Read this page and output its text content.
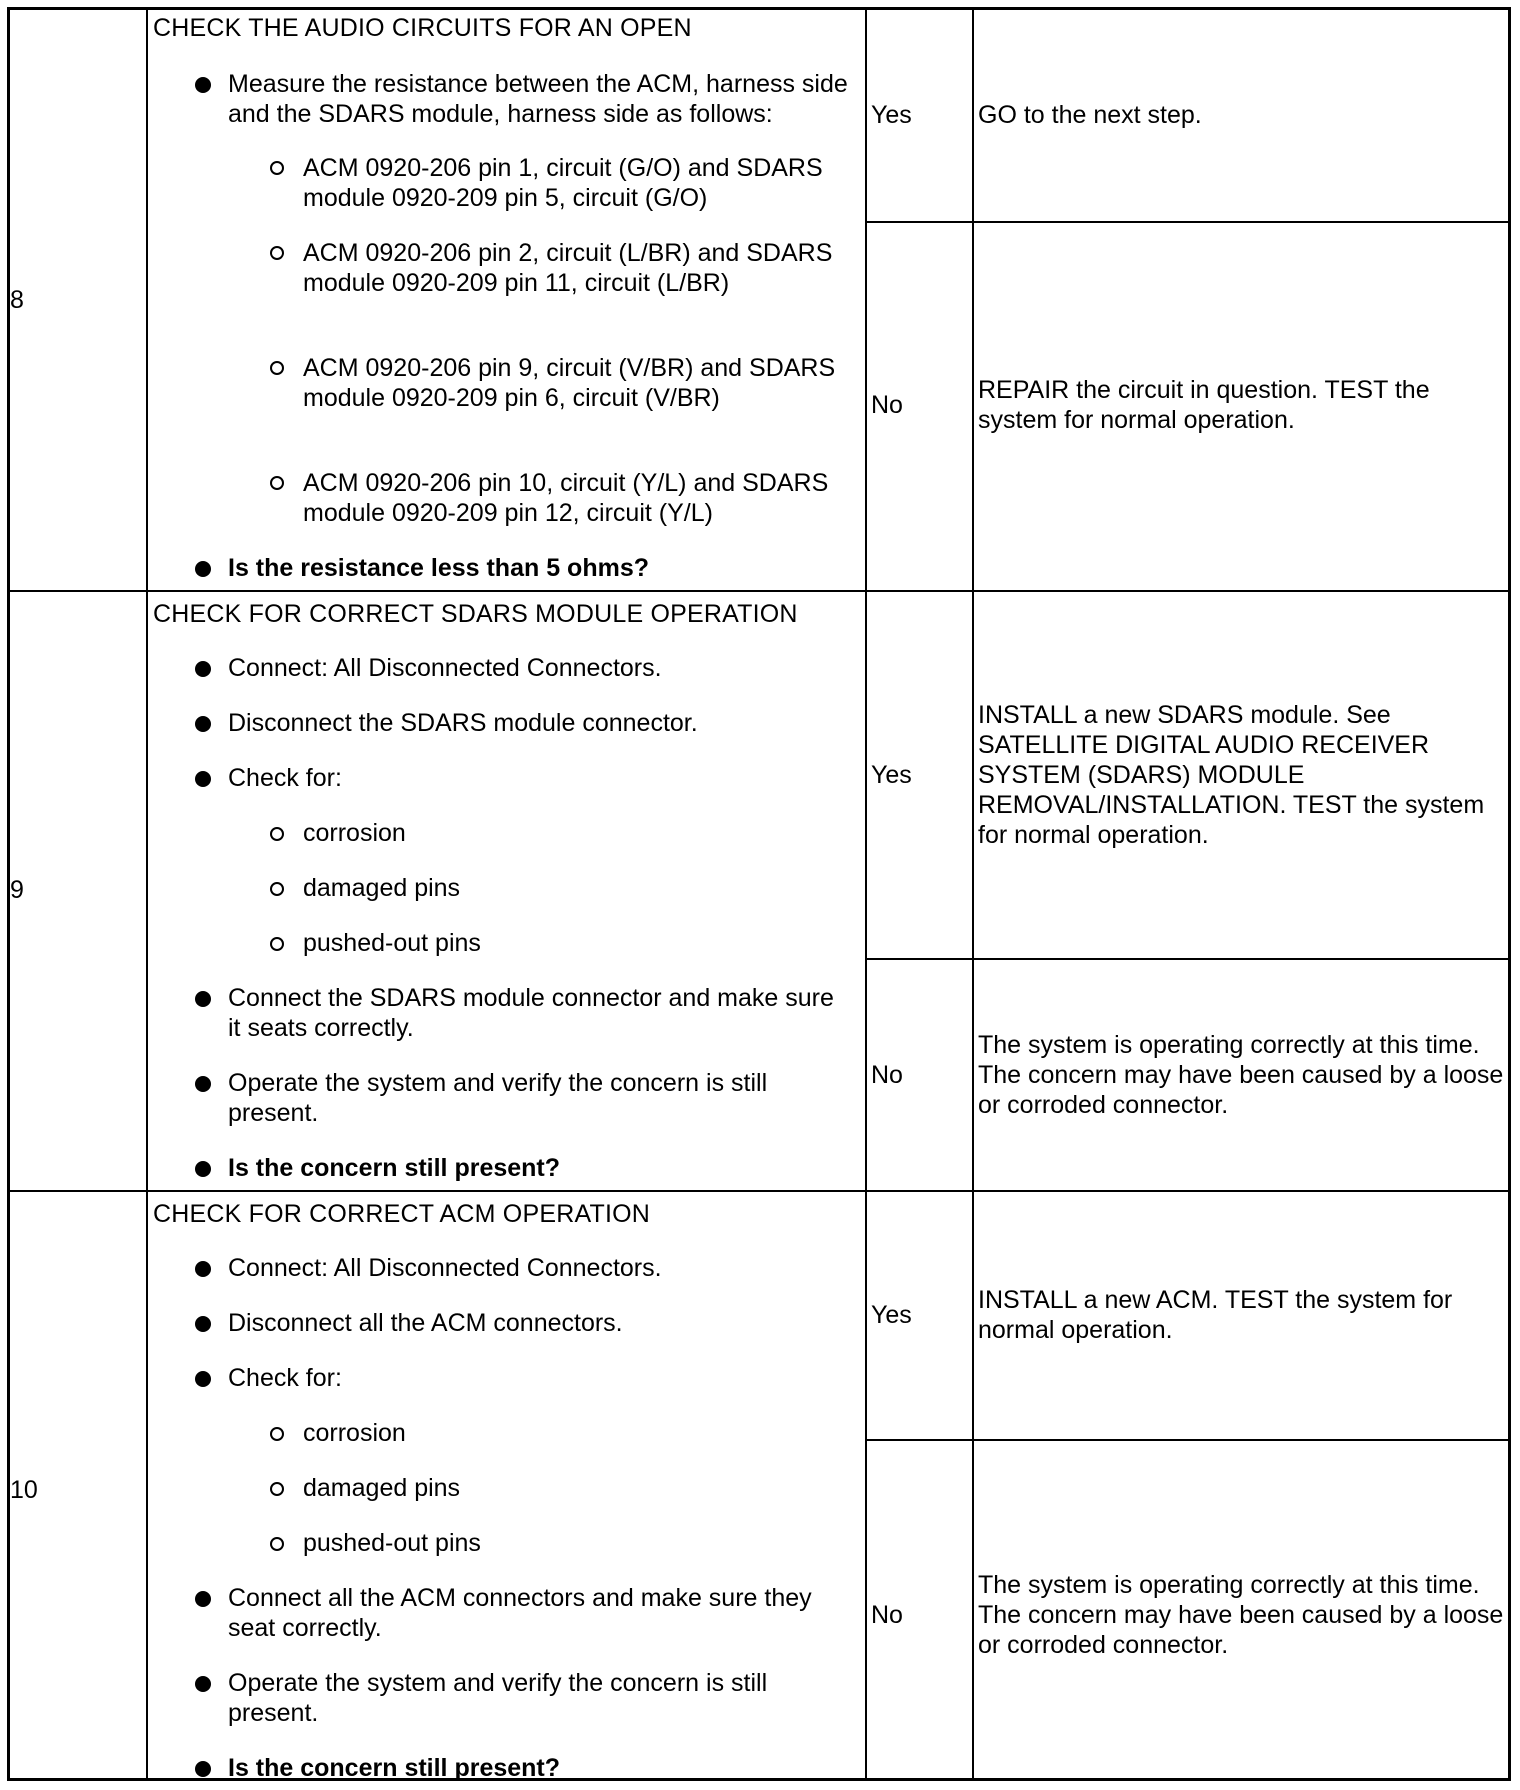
8
CHECK THE AUDIO CIRCUITS FOR AN OPEN
Measure the resistance between the ACM, harness side and the SDARS module, harness side as follows:
ACM 0920-206 pin 1, circuit (G/O) and SDARS module 0920-209 pin 5, circuit (G/O)
ACM 0920-206 pin 2, circuit (L/BR) and SDARS module 0920-209 pin 11, circuit (L/BR)
ACM 0920-206 pin 9, circuit (V/BR) and SDARS module 0920-209 pin 6, circuit (V/BR)
ACM 0920-206 pin 10, circuit (Y/L) and SDARS module 0920-209 pin 12, circuit (Y/L)
Is the resistance less than 5 ohms?
Yes	GO to the next step.
No
REPAIR the circuit in question. TEST the system for normal operation.
9
CHECK FOR CORRECT SDARS MODULE OPERATION
Connect: All Disconnected Connectors.
Disconnect the SDARS module connector.
Check for:
corrosion
damaged pins
pushed-out pins
Connect the SDARS module connector and make sure it seats correctly.
Operate the system and verify the concern is still present.
Is the concern still present?
Yes
INSTALL a new SDARS module. See SATELLITE DIGITAL AUDIO RECEIVER SYSTEM (SDARS) MODULE REMOVAL/INSTALLATION. TEST the system for normal operation.
No
The system is operating correctly at this time. The concern may have been caused by a loose or corroded connector.
10
CHECK FOR CORRECT ACM OPERATION
Connect: All Disconnected Connectors.
Disconnect all the ACM connectors.
Check for:
corrosion
damaged pins
pushed-out pins
Connect all the ACM connectors and make sure they seat correctly.
Operate the system and verify the concern is still present.
Is the concern still present?
Yes
INSTALL a new ACM. TEST the system for normal operation.
No
The system is operating correctly at this time. The concern may have been caused by a loose or corroded connector.
